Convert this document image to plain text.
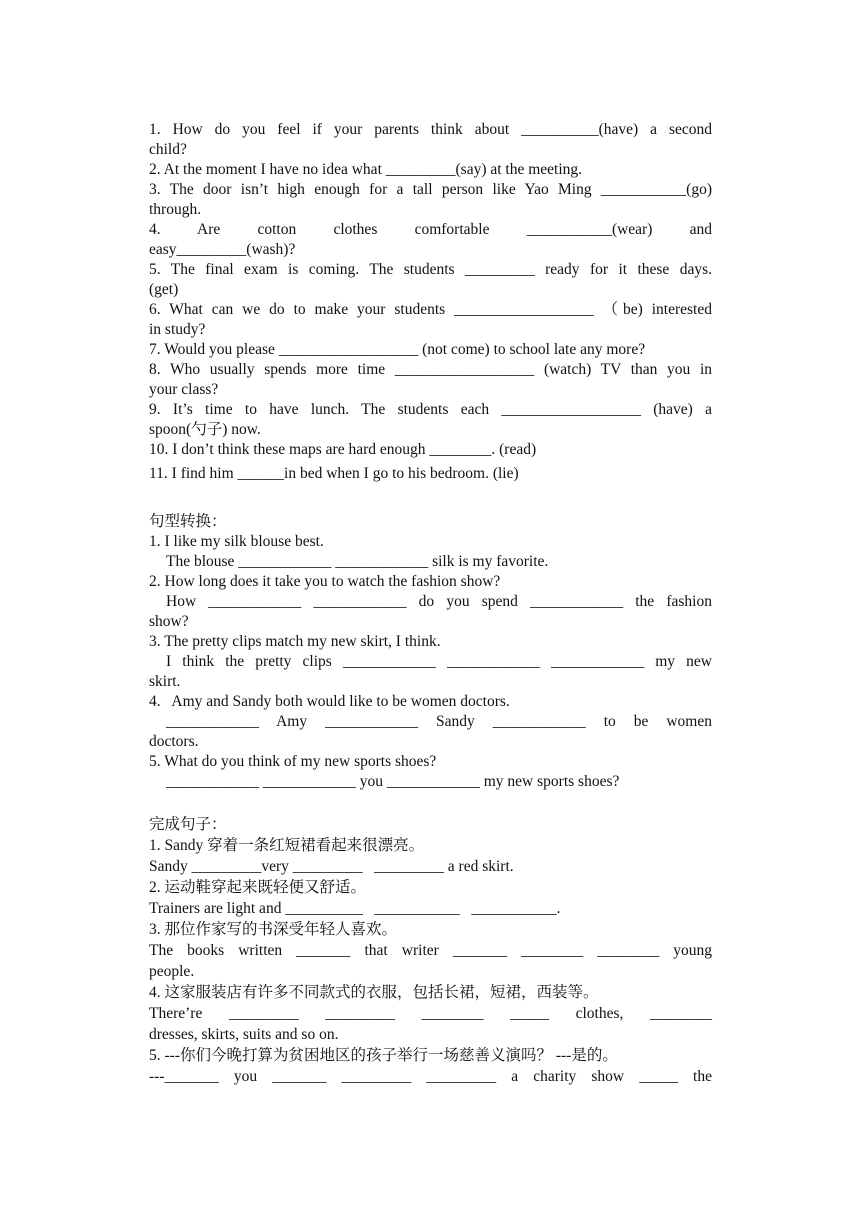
1. How do you feel if your parents think about __________(have) a second
child?
2. At the moment I have no idea what _________(say) at the meeting.
3. The door isn’t high enough for a tall person like Yao Ming ___________(go)
through.
4. Are cotton clothes comfortable ___________(wear) and
easy_________(wash)?
5. The final exam is coming. The students _________ ready for it these days.
(get)
6. What can we do to make your students __________________ （be) interested
in study?
7. Would you please __________________ (not come) to school late any more?
8. Who usually spends more time __________________ (watch) TV than you in
your class?
9. It’s time to have lunch. The students each __________________ (have) a
spoon(勺子) now.
10. I don’t think these maps are hard enough ________. (read)
11. I find him ______in bed when I go to his bedroom. (lie)
句型转换：
1. I like my silk blouse best.
The blouse ____________ ____________ silk is my favorite.
2. How long does it take you to watch the fashion show?
How ____________ ____________ do you spend ____________ the fashion
show?
3. The pretty clips match my new skirt, I think.
I think the pretty clips ____________ ____________ ____________ my new
skirt.
4.   Amy and Sandy both would like to be women doctors.
____________ Amy ____________ Sandy ____________ to be women
doctors.
5. What do you think of my new sports shoes?
____________ ____________ you ____________ my new sports shoes?
完成句子：
1. Sandy 穿着一条红短裙看起来很漂亮。
Sandy _________very _________   _________ a red skirt.
2. 运动鞋穿起来既轻便又舒适。
Trainers are light and __________   ___________   ___________.
3. 那位作家写的书深受年轻人喜欢。
The books written _______ that writer _______ ________ ________ young
people.
4. 这家服装店有许多不同款式的衣服，包括长裙，短裙，西装等。
There’re _________ _________ ________ _____ clothes, ________
dresses, skirts, suits and so on.
5. ---你们今晚打算为贫困地区的孩子举行一场慈善义演吗？ ---是的。
---_______ you _______ _________ _________ a charity show _____ the
